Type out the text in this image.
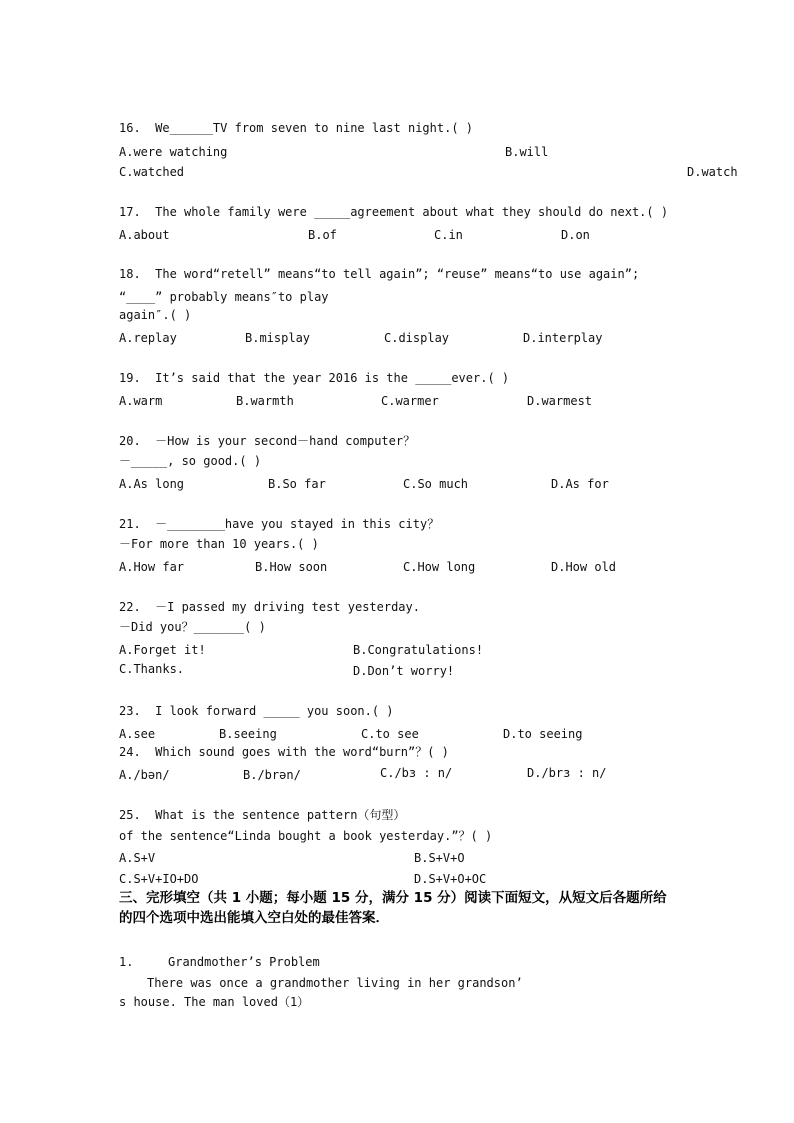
16.  We______TV from seven to nine last night.( )
A.were watching	B.will
C.watched	D.watch
17.  The whole family were _____agreement about what they should do next.( )
A.about	B.of	C.in	D.on
18.  The word“retell” means“to tell again”; “reuse” means“to use again”;
“____” probably means″to play
again″.( )
A.replay	B.misplay	C.display	D.interplay
19.  It’s said that the year 2016 is the _____ever.( )
A.warm	B.warmth	C.warmer	D.warmest
20.  －How is your second－hand computer？
－_____, so good.( )
A.As long	B.So far	C.So much	D.As for
21.  －________have you stayed in this city？
－For more than 10 years.( )
A.How far	B.How soon	C.How long	D.How old
22.  －I passed my driving test yesterday.
－Did you？_______( )
A.Forget it!	B.Congratulations!
C.Thanks.	D.Don’t worry!
23.  I look forward _____ you soon.( )
A.see	B.seeing	C.to see	D.to seeing
24.  Which sound goes with the word“burn”？( )
A./bən/	B./brən/	C./bɜ : n/	D./brɜ : n/
25.  What is the sentence pattern（句型）
of the sentence“Linda bought a book yesterday.”？( )
A.S+V	B.S+V+O
C.S+V+IO+DO	D.S+V+O+OC
三、完形填空（共 1 小题；每小题 15 分，满分 15 分）阅读下面短文，从短文后各题所给
的四个选项中选出能填入空白处的最佳答案．
1.	Grandmother’s Problem
There was once a grandmother living in her grandson’
s house. The man loved（1）
